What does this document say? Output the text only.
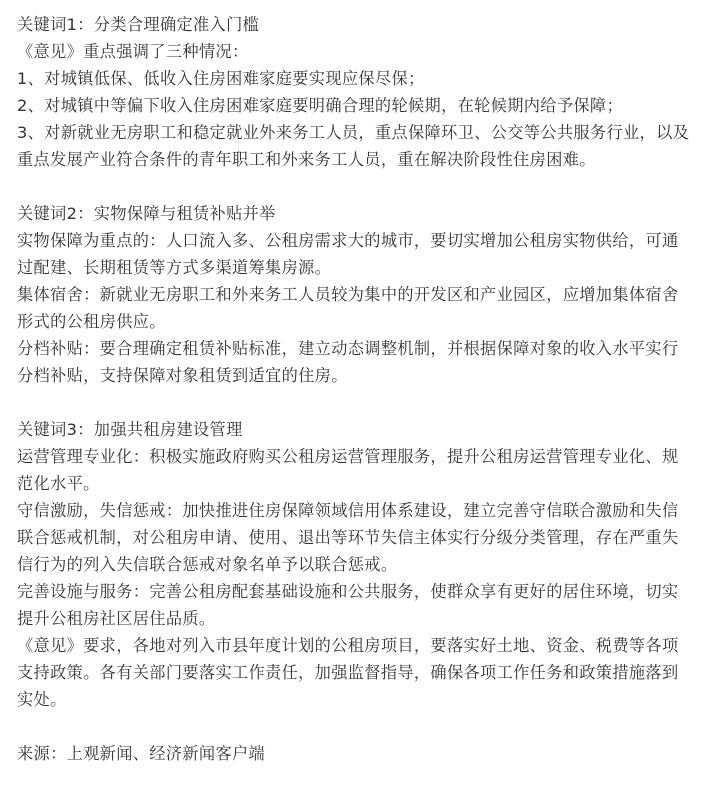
关键词1：分类合理确定准入门槛

《意见》重点强调了三种情况：

1、对城镇低保、低收入住房困难家庭要实现应保尽保；

2、对城镇中等偏下收入住房困难家庭要明确合理的轮候期，在轮候期内给予保障；

3、对新就业无房职工和稳定就业外来务工人员，重点保障环卫、公交等公共服务行业，以及重点发展产业符合条件的青年职工和外来务工人员，重在解决阶段性住房困难。

关键词2：实物保障与租赁补贴并举

实物保障为重点的：人口流入多、公租房需求大的城市，要切实增加公租房实物供给，可通过配建、长期租赁等方式多渠道筹集房源。

集体宿舍：新就业无房职工和外来务工人员较为集中的开发区和产业园区，应增加集体宿舍形式的公租房供应。

分档补贴：要合理确定租赁补贴标准，建立动态调整机制，并根据保障对象的收入水平实行分档补贴，支持保障对象租赁到适宜的住房。

关键词3：加强共租房建设管理

运营管理专业化：积极实施政府购买公租房运营管理服务，提升公租房运营管理专业化、规范化水平。

守信激励，失信惩戒：加快推进住房保障领域信用体系建设，建立完善守信联合激励和失信联合惩戒机制，对公租房申请、使用、退出等环节失信主体实行分级分类管理，存在严重失信行为的列入失信联合惩戒对象名单予以联合惩戒。

完善设施与服务：完善公租房配套基础设施和公共服务，使群众享有更好的居住环境，切实提升公租房社区居住品质。

《意见》要求，各地对列入市县年度计划的公租房项目，要落实好土地、资金、税费等各项支持政策。各有关部门要落实工作责任，加强监督指导，确保各项工作任务和政策措施落到实处。

来源：上观新闻、经济新闻客户端
